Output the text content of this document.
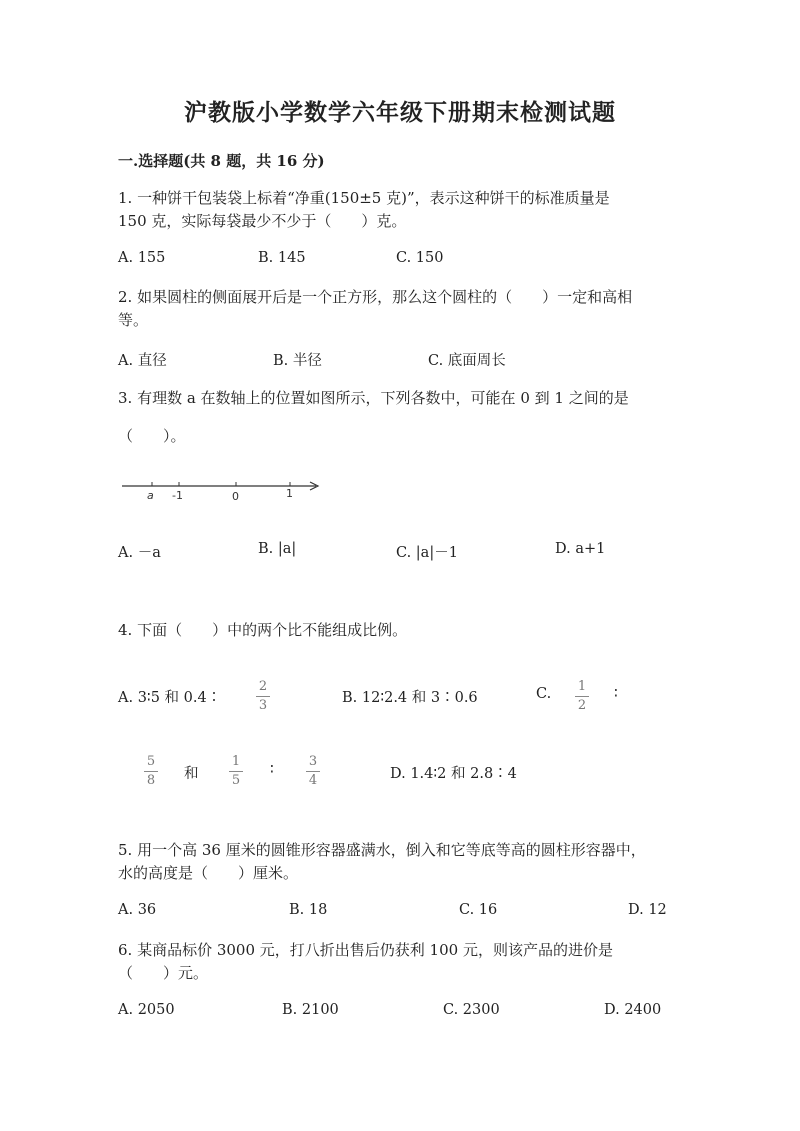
沪教版小学数学六年级下册期末检测试题
一.选择题(共 8 题，共 16 分)
1. 一种饼干包装袋上标着“净重(150±5 克)”，表示这种饼干的标准质量是
150 克，实际每袋最少不少于（　　）克。
A. 155	B. 145	C. 150
2. 如果圆柱的侧面展开后是一个正方形，那么这个圆柱的（　　）一定和高相
等。
A. 直径	B. 半径	C. 底面周长
3. 有理数 a 在数轴上的位置如图所示，下列各数中，可能在 0 到 1 之间的是
（　　）。
a -1	0	1
A. －a	B. |a|	C. |a|－1	D. a+1
4. 下面（　　）中的两个比不能组成比例。
A. 3∶5 和 0.4∶
2
3	B. 12∶2.4 和 3∶0.6	C. 1
2
∶
5
8 和
1
5
∶
3
4	D. 1.4∶2 和 2.8∶4
5. 用一个高 36 厘米的圆锥形容器盛满水，倒入和它等底等高的圆柱形容器中，
水的高度是（　　）厘米。
A. 36	B. 18	C. 16	D. 12
6. 某商品标价 3000 元，打八折出售后仍获利 100 元，则该产品的进价是
（　　）元。
A. 2050	B. 2100	C. 2300	D. 2400
